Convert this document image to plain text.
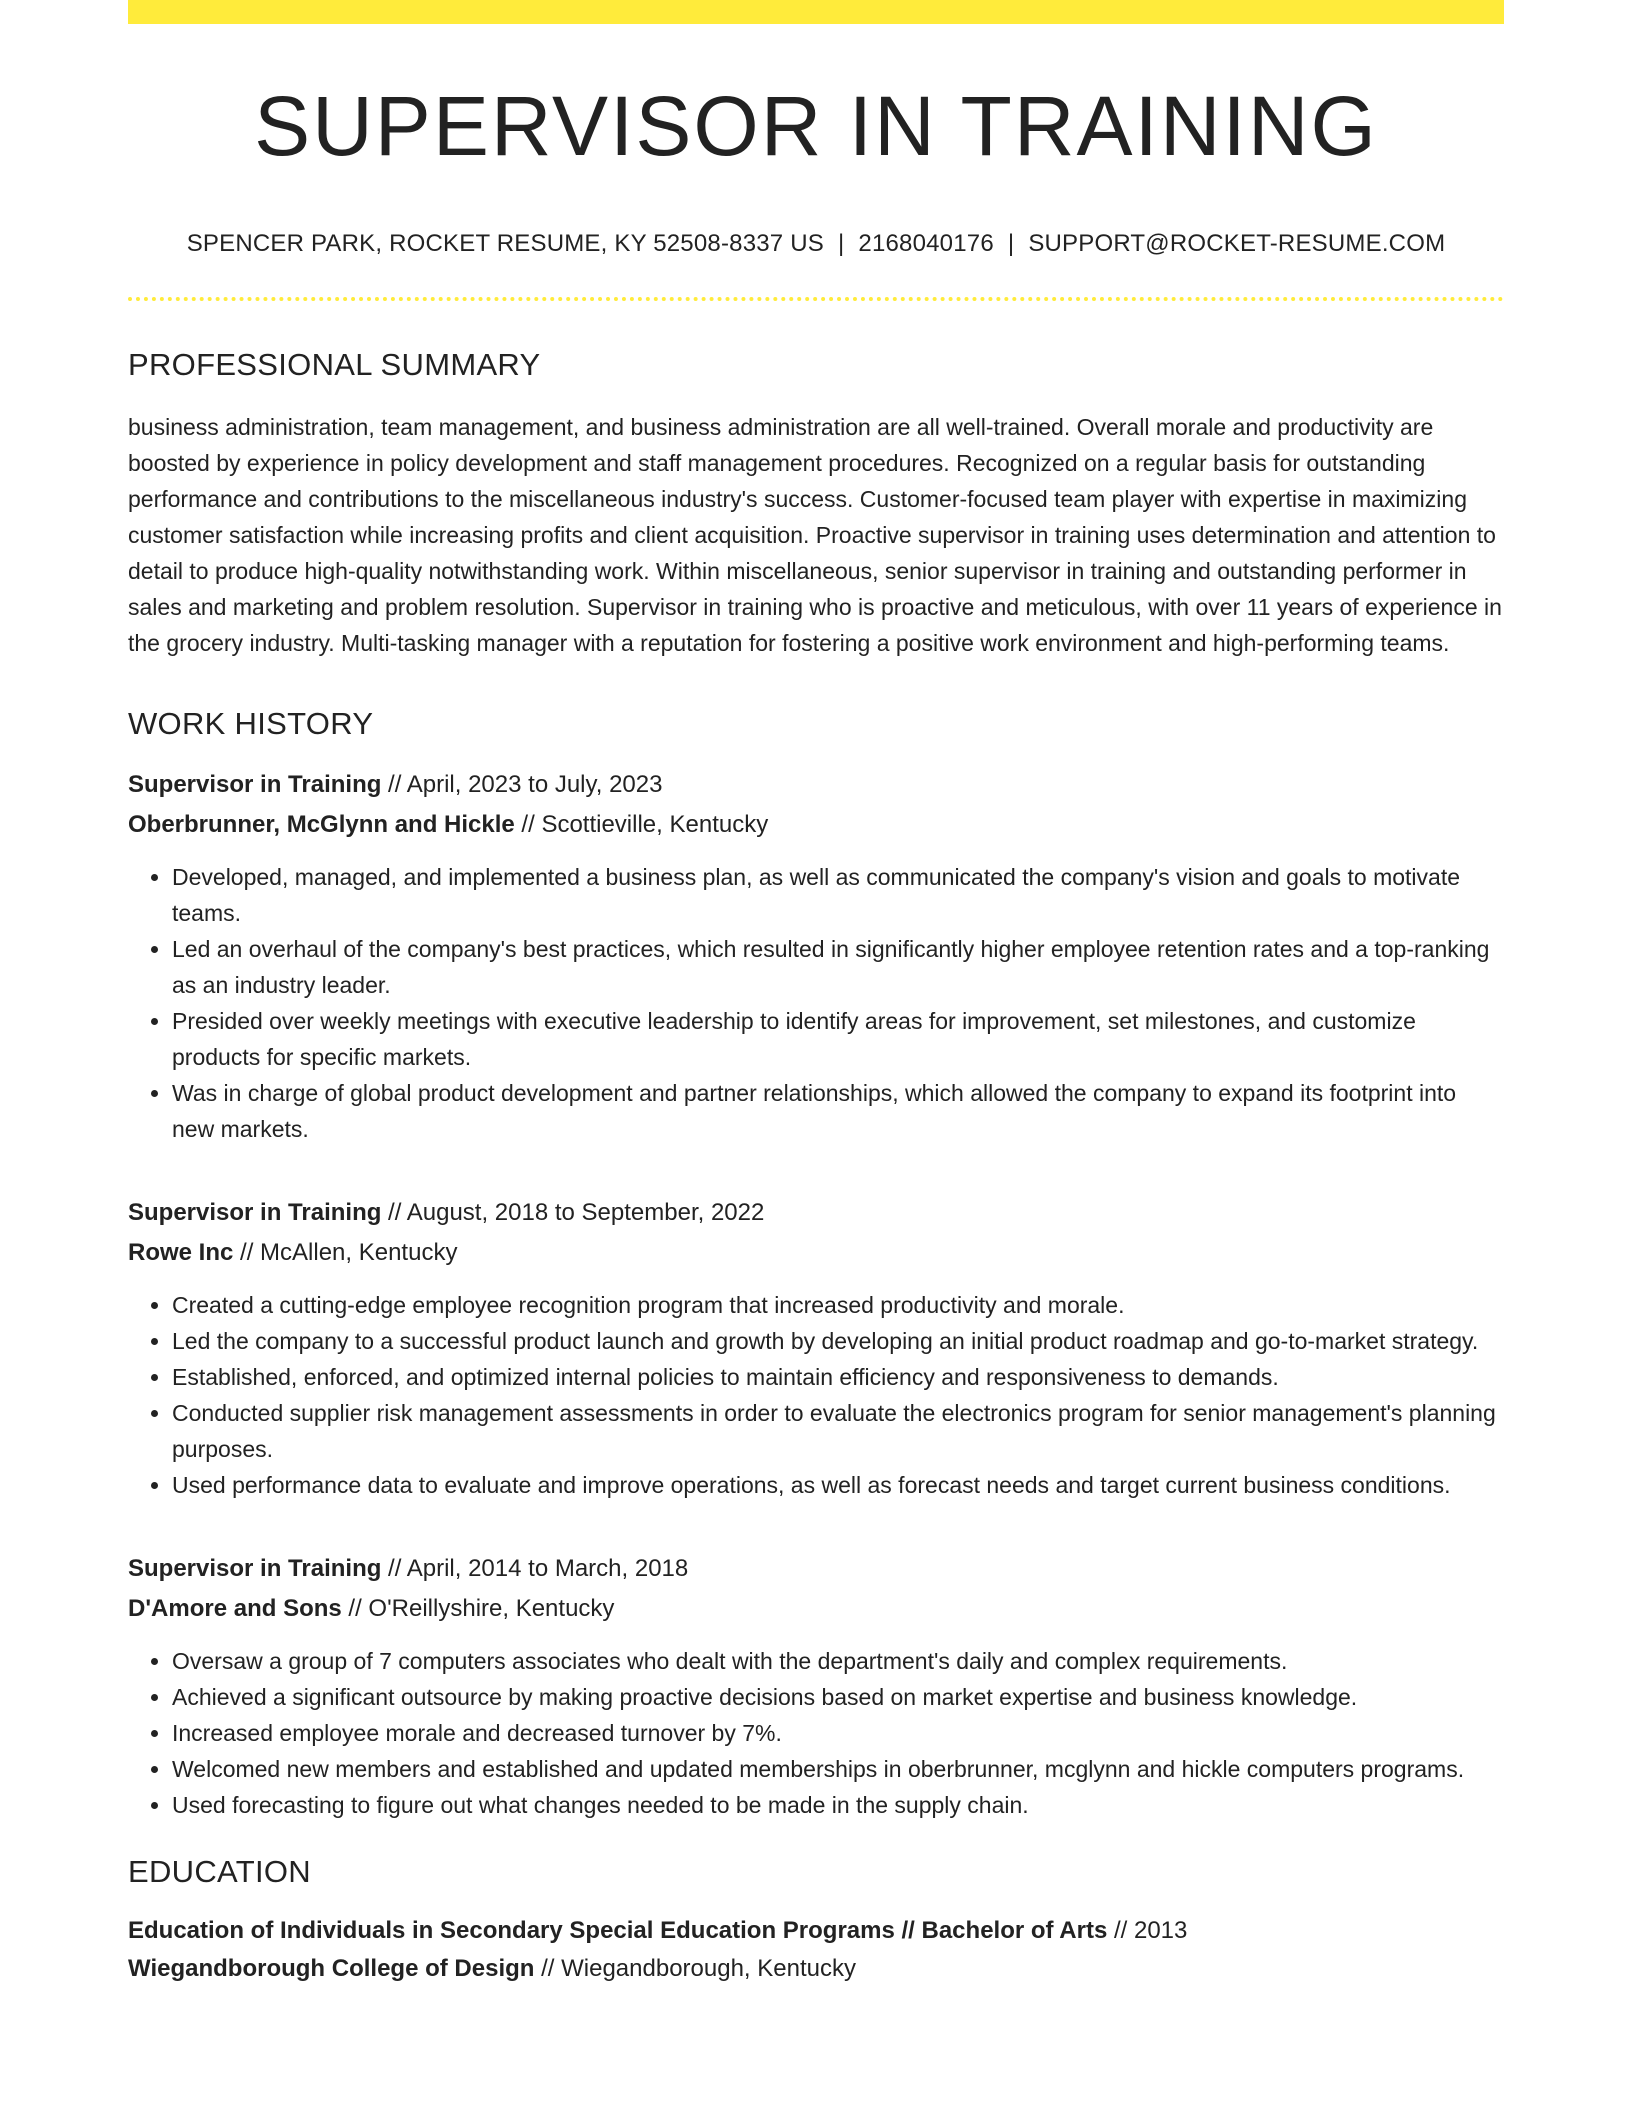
SUPERVISOR IN TRAINING
SPENCER PARK, ROCKET RESUME, KY 52508-8337 US | 2168040176 | SUPPORT@ROCKET-RESUME.COM
PROFESSIONAL SUMMARY

business administration, team management, and business administration are all well-trained. Overall morale and productivity are boosted by experience in policy development and staff management procedures. Recognized on a regular basis for outstanding performance and contributions to the miscellaneous industry's success. Customer-focused team player with expertise in maximizing customer satisfaction while increasing profits and client acquisition. Proactive supervisor in training uses determination and attention to detail to produce high-quality notwithstanding work. Within miscellaneous, senior supervisor in training and outstanding performer in sales and marketing and problem resolution. Supervisor in training who is proactive and meticulous, with over 11 years of experience in the grocery industry. Multi-tasking manager with a reputation for fostering a positive work environment and high-performing teams.

WORK HISTORY
Supervisor in Training // April, 2023 to July, 2023
Oberbrunner, McGlynn and Hickle // Scottieville, Kentucky
• Developed, managed, and implemented a business plan, as well as communicated the company's vision and goals to motivate teams.
• Led an overhaul of the company's best practices, which resulted in significantly higher employee retention rates and a top-ranking as an industry leader.
• Presided over weekly meetings with executive leadership to identify areas for improvement, set milestones, and customize products for specific markets.
• Was in charge of global product development and partner relationships, which allowed the company to expand its footprint into new markets.
Supervisor in Training // August, 2018 to September, 2022
Rowe Inc // McAllen, Kentucky
• Created a cutting-edge employee recognition program that increased productivity and morale.
• Led the company to a successful product launch and growth by developing an initial product roadmap and go-to-market strategy.
• Established, enforced, and optimized internal policies to maintain efficiency and responsiveness to demands.
• Conducted supplier risk management assessments in order to evaluate the electronics program for senior management's planning purposes.
• Used performance data to evaluate and improve operations, as well as forecast needs and target current business conditions.
Supervisor in Training // April, 2014 to March, 2018
D'Amore and Sons // O'Reillyshire, Kentucky
• Oversaw a group of 7 computers associates who dealt with the department's daily and complex requirements.
• Achieved a significant outsource by making proactive decisions based on market expertise and business knowledge.
• Increased employee morale and decreased turnover by 7%.
• Welcomed new members and established and updated memberships in oberbrunner, mcglynn and hickle computers programs.
• Used forecasting to figure out what changes needed to be made in the supply chain.
EDUCATION
Education of Individuals in Secondary Special Education Programs // Bachelor of Arts // 2013
Wiegandborough College of Design // Wiegandborough, Kentucky
